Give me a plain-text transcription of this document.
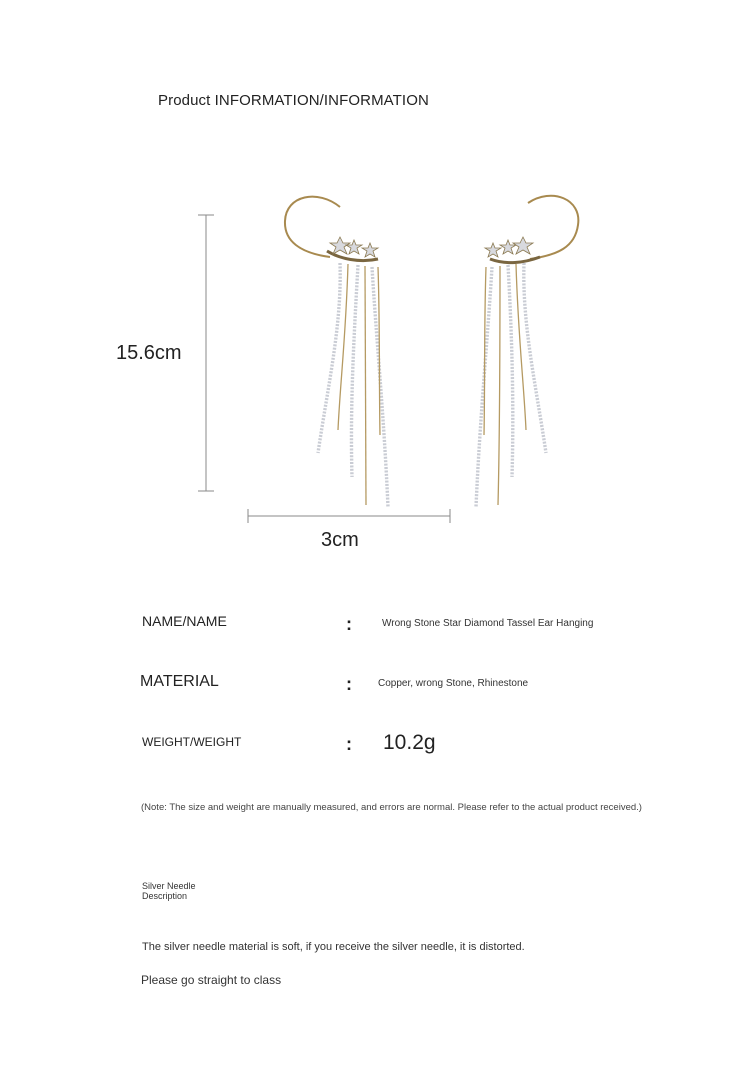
Product INFORMATION/INFORMATION
15.6cm
3cm
NAME/NAME	:	Wrong Stone Star Diamond Tassel Ear Hanging
MATERIAL	:	Copper, wrong Stone, Rhinestone
WEIGHT/WEIGHT	: 10.2g
(Note: The size and weight are manually measured, and errors are normal. Please refer to the actual product received.)
Silver Needle
Description
The silver needle material is soft, if you receive the silver needle, it is distorted.
Please go straight to class
